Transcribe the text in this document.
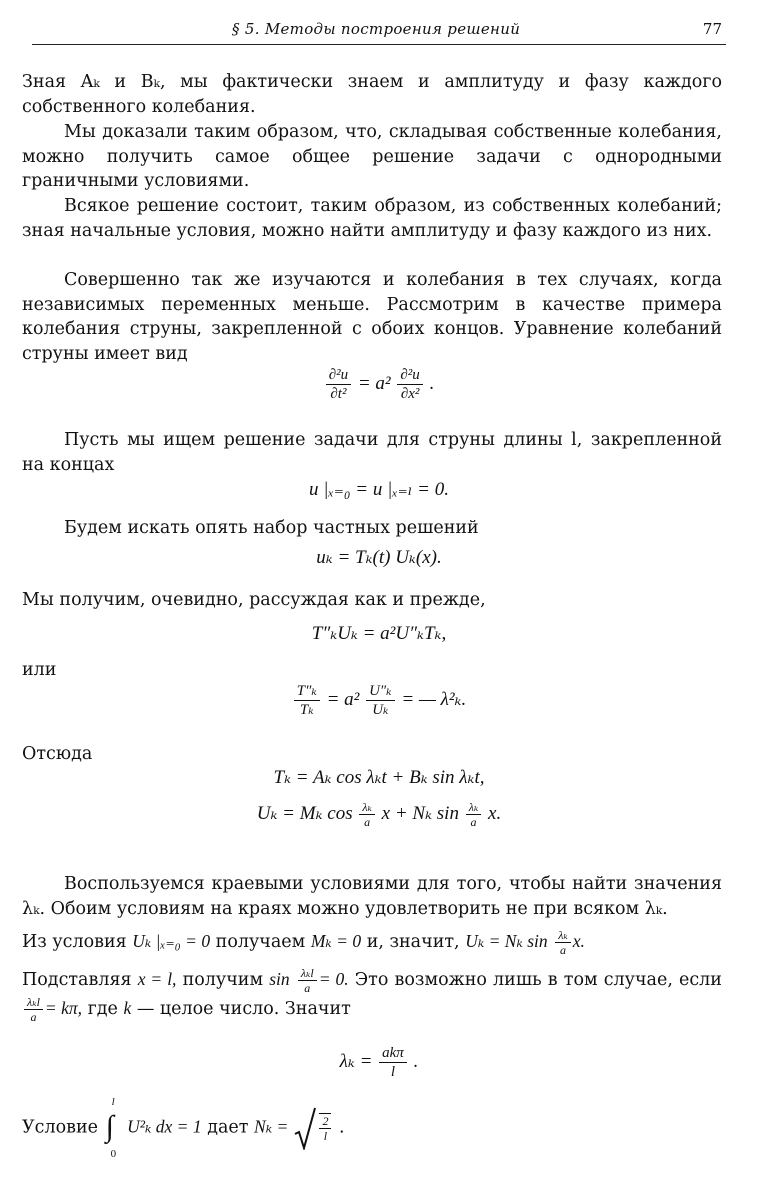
§ 5. Методы построения решений	77
Зная Aₖ и Bₖ, мы фактически знаем и амплитуду и фазу каждого собственного колебания.
Мы доказали таким образом, что, складывая собственные колебания, можно получить самое общее решение задачи с однородными граничными условиями.
Всякое решение состоит, таким образом, из собственных колебаний; зная начальные условия, можно найти амплитуду и фазу каждого из них.
Совершенно так же изучаются и колебания в тех случаях, когда независимых переменных меньше. Рассмотрим в качестве примера колебания струны, закрепленной с обоих концов. Уравнение колебаний струны имеет вид
$\frac{\text{∂²u}}{\text{∂t²}} = a^2 \frac{\text{∂²u}}{\text{∂x²}}$ .
Пусть мы ищем решение задачи для струны длины l, закрепленной на концах
u |ₓ₌₀ = u |ₓ₌ₗ = 0.
Будем искать опять набор частных решений
uₖ = Tₖ(t) Uₖ(x).
Мы получим, очевидно, рассуждая как и прежде,
T″ₖUₖ = a²U″ₖTₖ,
или
$\frac{\text{T″ₖ}}{\text{Tₖ}} = a^2 \frac{\text{U″ₖ}}{\text{Uₖ}}$ = — λ²ₖ.
Отсюда
Tₖ = Aₖ cos λₖt + Bₖ sin λₖt,
Uₖ = Mₖ $\cos \frac{\text{λₖ}}{a}$ x + Nₖ $\sin \frac{\text{λₖ}}{a} x$.
Воспользуемся краевыми условиями для того, чтобы найти значения λₖ. Обоим условиям на краях можно удовлетворить не при всяком λₖ.
Из условия Uₖ |ₓ₌₀ = 0 получаем Mₖ = 0 и, значит, Uₖ = Nₖ $\sin \frac{\text{λₖ}}{a} x$.
Подставляя x = l, получим $\sin \frac{\text{λₖl}}{a} = 0$. Это возможно лишь в том случае, если
$\frac{\text{λₖl}}{a} = k\pi$, где k — целое число. Значит
$\lambda_k = \frac{\text{akπ}}{l}$ .
Условие
l
∫
0
U²ₖ dx = 1 дает Nₖ =	$\frac{2}{l}$ .
